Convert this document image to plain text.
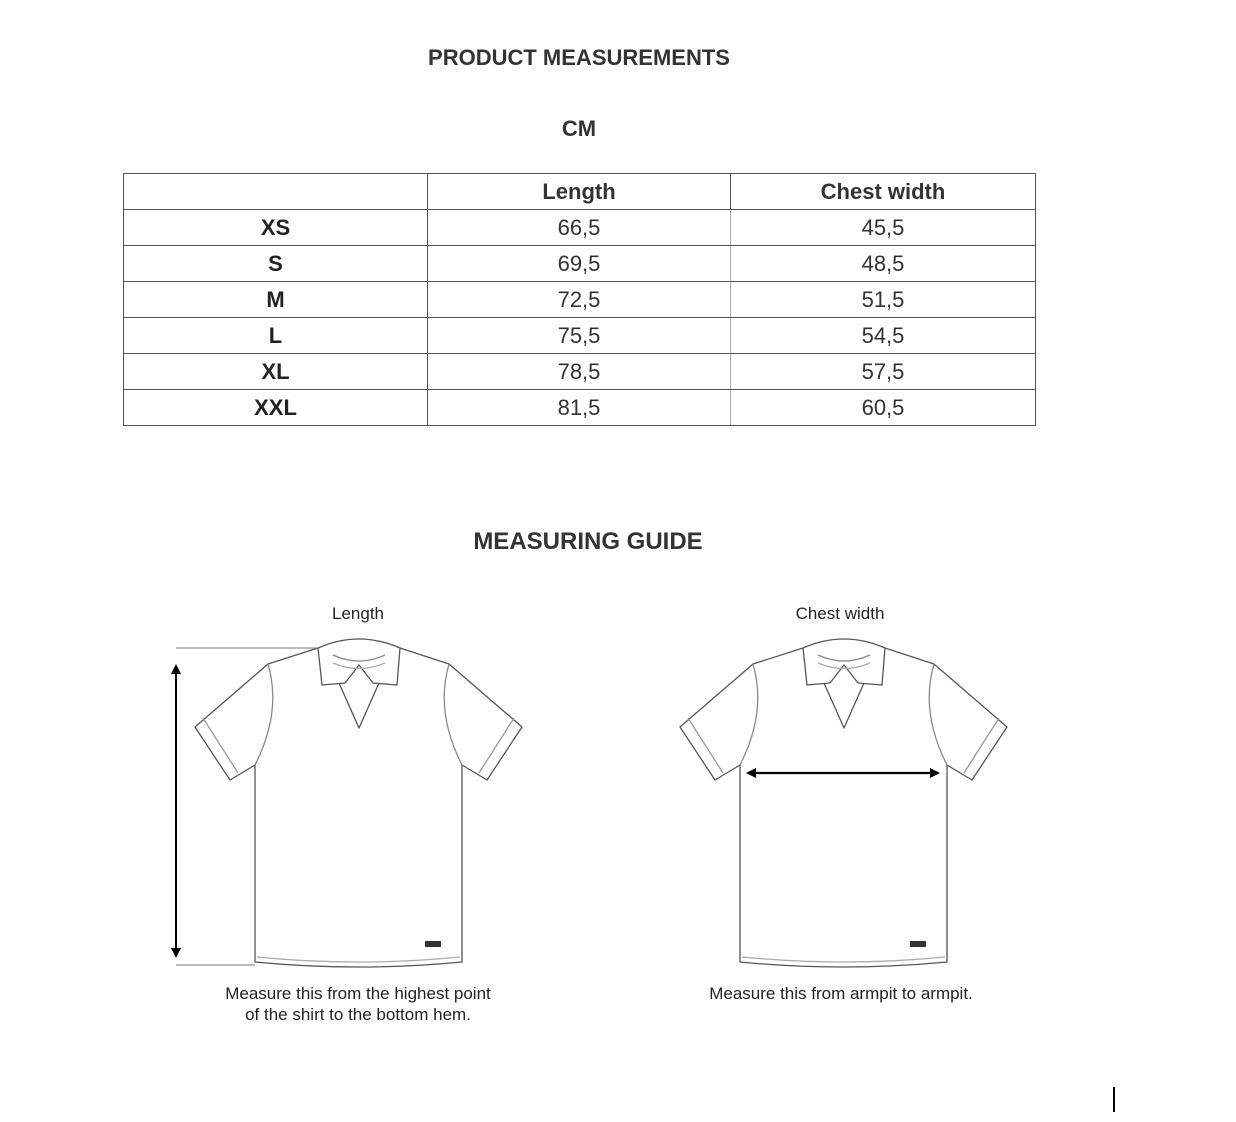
PRODUCT MEASUREMENTS
CM
	Length	Chest width
XS	66,5	45,5
S	69,5	48,5
M	72,5	51,5
L	75,5	54,5
XL	78,5	57,5
XXL	81,5	60,5
MEASURING GUIDE
Length	Chest width
Measure this from the highest point
of the shirt to the bottom hem.
Measure this from armpit to armpit.
